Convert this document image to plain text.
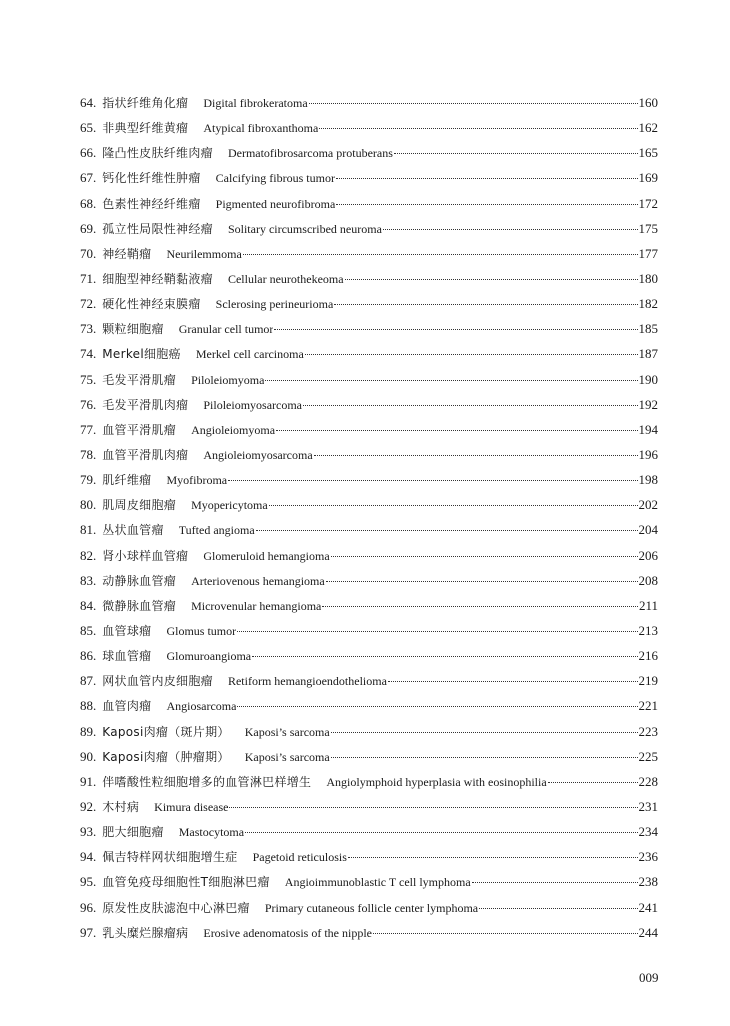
64. 指状纤维角化瘤 Digital fibrokeratoma	160
65. 非典型纤维黄瘤 Atypical fibroxanthoma	162
66. 隆凸性皮肤纤维肉瘤 Dermatofibrosarcoma protuberans	165
67. 钙化性纤维性肿瘤 Calcifying fibrous tumor	169
68. 色素性神经纤维瘤 Pigmented neurofibroma	172
69. 孤立性局限性神经瘤 Solitary circumscribed neuroma	175
70. 神经鞘瘤 Neurilemmoma	177
71. 细胞型神经鞘黏液瘤 Cellular neurothekeoma	180
72. 硬化性神经束膜瘤 Sclerosing perineurioma	182
73. 颗粒细胞瘤 Granular cell tumor	185
74. Merkel细胞癌 Merkel cell carcinoma	187
75. 毛发平滑肌瘤 Piloleiomyoma	190
76. 毛发平滑肌肉瘤 Piloleiomyosarcoma	192
77. 血管平滑肌瘤 Angioleiomyoma	194
78. 血管平滑肌肉瘤 Angioleiomyosarcoma	196
79. 肌纤维瘤 Myofibroma	198
80. 肌周皮细胞瘤 Myopericytoma	202
81. 丛状血管瘤 Tufted angioma	204
82. 肾小球样血管瘤 Glomeruloid hemangioma	206
83. 动静脉血管瘤 Arteriovenous hemangioma	208
84. 微静脉血管瘤 Microvenular hemangioma	211
85. 血管球瘤 Glomus tumor	213
86. 球血管瘤 Glomuroangioma	216
87. 网状血管内皮细胞瘤 Retiform hemangioendothelioma	219
88. 血管肉瘤 Angiosarcoma	221
89. Kaposi肉瘤（斑片期） Kaposi’s sarcoma	223
90. Kaposi肉瘤（肿瘤期） Kaposi’s sarcoma	225
91. 伴嗜酸性粒细胞增多的血管淋巴样增生 Angiolymphoid hyperplasia with eosinophilia	228
92. 木村病 Kimura disease	231
93. 肥大细胞瘤 Mastocytoma	234
94. 佩吉特样网状细胞增生症 Pagetoid reticulosis	236
95. 血管免疫母细胞性T细胞淋巴瘤 Angioimmunoblastic T cell lymphoma	238
96. 原发性皮肤滤泡中心淋巴瘤 Primary cutaneous follicle center lymphoma	241
97. 乳头糜烂腺瘤病 Erosive adenomatosis of the nipple	244
009
